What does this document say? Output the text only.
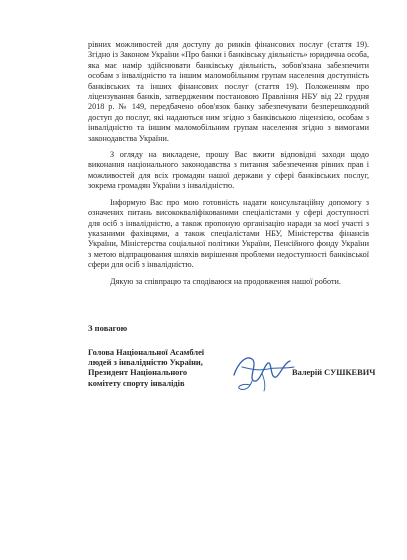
рівних можливостей для доступу до ринків фінансових послуг (стаття 19). Згідно із Законом України «Про банки і банківську діяльність» юридична особа, яка має намір здійснювати банківську діяльність, зобов'язана забезпечити особам з інвалідністю та іншим маломобільним групам населення доступність банківських та інших фінансових послуг (стаття 19). Положенням про ліцензування банків, затвердженим постановою Правління НБУ від 22 грудня 2018 р. № 149, передбачено обов'язок банку забезпечувати безперешкодний доступ до послуг, які надаються ним згідно з банківською ліцензією, особам з інвалідністю та іншим маломобільним групам населення згідно з вимогами законодавства України.

З огляду на викладене, прошу Вас вжити відповідні заходи щодо виконання національного законодавства з питання забезпечення рівних прав і можливостей для всіх громадян нашої держави у сфері банківських послуг, зокрема громадян України з інвалідністю.

Інформую Вас про мою готовність надати консультаційну допомогу з означених питань висококваліфікованими спеціалістами у сфері доступності для осіб з інвалідністю, а також пропоную організацію наради за моєї участі з указаними фахівцями, а також спеціалістами НБУ, Міністерства фінансів України, Міністерства соціальної політики України, Пенсійного фонду України з метою відпрацювання шляхів вирішення проблеми недоступності банківської сфери для осіб з інвалідністю.

Дякую за співпрацю та сподіваюся на продовження нашої роботи.

З повагою
Голова Національної Асамблеї
людей з інвалідністю України,
Президент Національного
комітету спорту інвалідів
Валерій СУШКЕВИЧ
